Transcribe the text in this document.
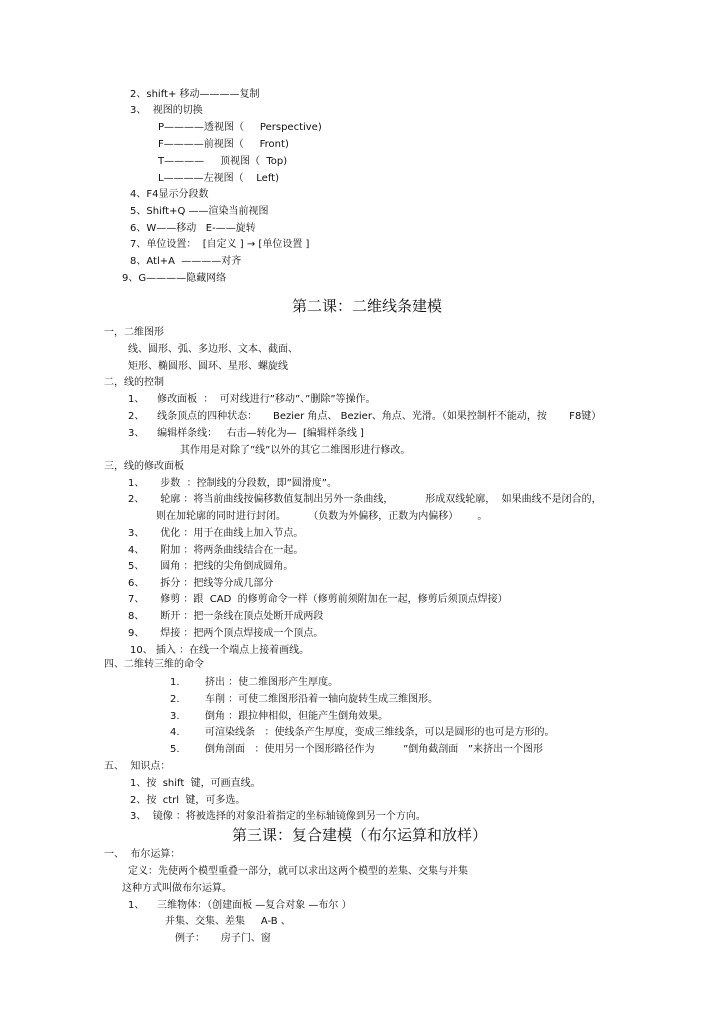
2、shift+ 移动————复制
3、  视图的切换
P————透视图（     Perspective)
F————前视图（     Front)
T————     顶视图（  Top)
L————左视图（    Left)
4、F4显示分段数
5、Shift+Q ——渲染当前视图
6、W——移动   E-——旋转
7、单位设置：  [自定义 ] → [单位设置 ]
8、Atl+A  ————对齐
9、G————隐藏网络
第二课：二维线条建模
一，二维图形
线、圆形、弧、多边形、文本、截面、
矩形、椭圆形、圆环、星形、螺旋线
二，线的控制
1、    修改面板  ：  可对线进行”移动”、”删除”等操作。
2、    线条顶点的四种状态：     Bezier 角点、 Bezier、角点、光滑。（如果控制杆不能动，按       F8键）
3、    编辑样条线：   右击—转化为—  [编辑样条线 ]
其作用是对除了”线”以外的其它二维图形进行修改。
三，线的修改面板
1、     步数  ：控制线的分段数，即”圆滑度”。
2、     轮廓 ：将当前曲线按偏移数值复制出另外一条曲线，          形成双线轮廓，  如果曲线不是闭合的，
则在加轮廓的同时进行封闭。       （负数为外偏移，正数为内偏移）      。
3、     优化 ：用于在曲线上加入节点。
4、     附加 ：将两条曲线结合在一起。
5、     圆角 ：把线的尖角倒成圆角。
6、     拆分 ：把线等分成几部分
7、     修剪 ：跟  CAD  的修剪命令一样（修剪前须附加在一起，修剪后须顶点焊接）
8、     断开 ：把一条线在顶点处断开成两段
9、     焊接 ：把两个顶点焊接成一个顶点。
10、 插入 ：在线一个端点上接着画线。
四、二维转三维的命令
1.        挤出 ：使二维图形产生厚度。
2.        车削 ：可使二维图形沿着一轴向旋转生成三维图形。
3.        倒角 ：跟拉伸相似，但能产生倒角效果。
4.        可渲染线条   ：使线条产生厚度，变成三维线条，可以是圆形的也可是方形的。
5.        倒角剖面   ：使用另一个图形路径作为         ”倒角截剖面   ”来挤出一个图形
五、  知识点：
1、按  shift  键，可画直线。
2、按  ctrl  键，可多选。
3、  镜像 ：将被选择的对象沿着指定的坐标轴镜像到另一个方向。
第三课：复合建模（布尔运算和放样）
一、  布尔运算：
定义：先使两个模型重叠一部分，就可以求出这两个模型的差集、交集与并集
这种方式叫做布尔运算。
1、    三维物体：（创建面板 —复合对象 —布尔 ）
并集、交集、差集     A-B 、
例子：     房子门、窗
